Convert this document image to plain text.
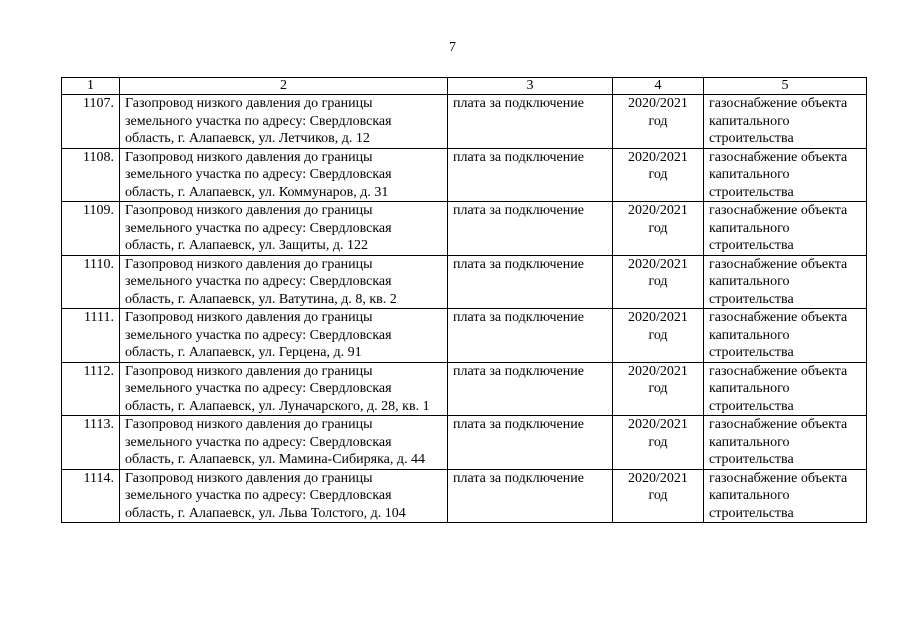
7
1	2	3	4	5
1107.	Газопровод низкого давления до границы земельного участка по адресу: Свердловская область, г. Алапаевск, ул. Летчиков, д. 12	плата за подключение	2020/2021 год	газоснабжение объекта капитального строительства
1108.	Газопровод низкого давления до границы земельного участка по адресу: Свердловская область, г. Алапаевск, ул. Коммунаров, д. 31	плата за подключение	2020/2021 год	газоснабжение объекта капитального строительства
1109.	Газопровод низкого давления до границы земельного участка по адресу: Свердловская область, г. Алапаевск, ул. Защиты, д. 122	плата за подключение	2020/2021 год	газоснабжение объекта капитального строительства
1110.	Газопровод низкого давления до границы земельного участка по адресу: Свердловская область, г. Алапаевск, ул. Ватутина, д. 8, кв. 2	плата за подключение	2020/2021 год	газоснабжение объекта капитального строительства
1111.	Газопровод низкого давления до границы земельного участка по адресу: Свердловская область, г. Алапаевск, ул. Герцена, д. 91	плата за подключение	2020/2021 год	газоснабжение объекта капитального строительства
1112.	Газопровод низкого давления до границы земельного участка по адресу: Свердловская область, г. Алапаевск, ул. Луначарского, д. 28, кв. 1	плата за подключение	2020/2021 год	газоснабжение объекта капитального строительства
1113.	Газопровод низкого давления до границы земельного участка по адресу: Свердловская область, г. Алапаевск, ул. Мамина-Сибиряка, д. 44	плата за подключение	2020/2021 год	газоснабжение объекта капитального строительства
1114.	Газопровод низкого давления до границы земельного участка по адресу: Свердловская область, г. Алапаевск, ул. Льва Толстого, д. 104	плата за подключение	2020/2021 год	газоснабжение объекта капитального строительства
